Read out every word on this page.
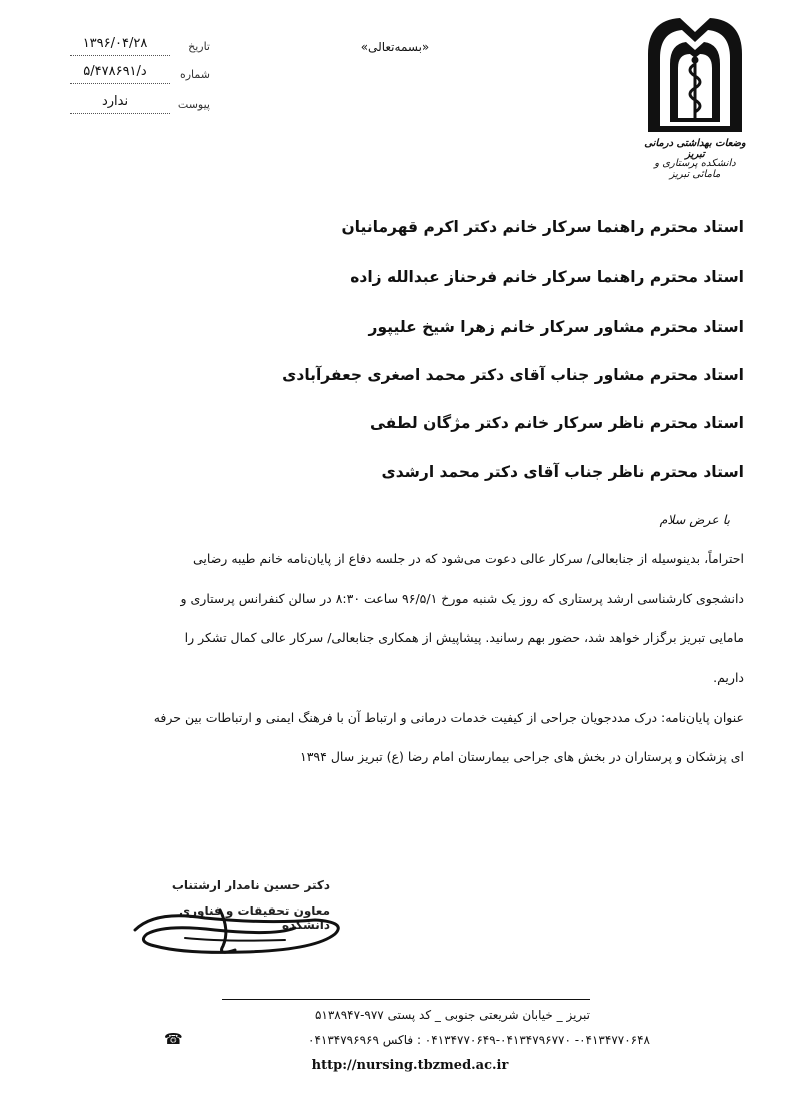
تاریخ
۱۳۹۶/۰۴/۲۸
شماره
۵/د/۴۷۸۶۹۱
پیوست
ندارد
«بسمه‌تعالی»
وضعات بهداشتی درمانی تبریز
دانشکده پرستاری و مامائی تبریز
استاد محترم راهنما سرکار خانم دکتر اکرم قهرمانیان
استاد محترم راهنما سرکار خانم فرحناز عبدالله زاده
استاد محترم مشاور سرکار خانم زهرا شیخ علیپور
استاد محترم مشاور جناب آقای دکتر محمد اصغری جعفرآبادی
استاد محترم ناظر سرکار خانم دکتر مژگان لطفی
استاد محترم ناظر جناب آقای دکتر محمد ارشدی
با عرض سلام
احتراماً، بدینوسیله از جنابعالی/ سرکار عالی دعوت می‌شود که در جلسه دفاع از پایان‌نامه خانم طیبه رضایی
دانشجوی کارشناسی ارشد پرستاری که روز یک شنبه مورخ ۹۶/۵/۱ ساعت ۸:۳۰ در سالن کنفرانس پرستاری و
مامایی تبریز برگزار خواهد شد، حضور بهم رسانید. پیشاپیش از همکاری جنابعالی/ سرکار عالی کمال تشکر را
داریم.
عنوان پایان‌نامه: درک مددجویان جراحی از کیفیت خدمات درمانی و ارتباط آن با فرهنگ ایمنی و ارتباطات بین حرفه
ای پزشکان و پرستاران در بخش های جراحی بیمارستان امام رضا (ع) تبریز سال ۱۳۹۴
دکتر حسین نامدار ارشتناب
معاون تحقیقات و فناوری دانشکده
تبریز _ خیابان شریعتی جنوبی _ کد پستی ۹۷۷-۵۱۳۸۹۴۷
۰۴۱۳۴۷۷۰۶۴۸- ۰۴۱۳۴۷۷۰۶۴۹-۰۴۱۳۴۷۹۶۷۷۰ : فاکس ۰۴۱۳۴۷۹۶۹۶۹
☎
http://nursing.tbzmed.ac.ir
